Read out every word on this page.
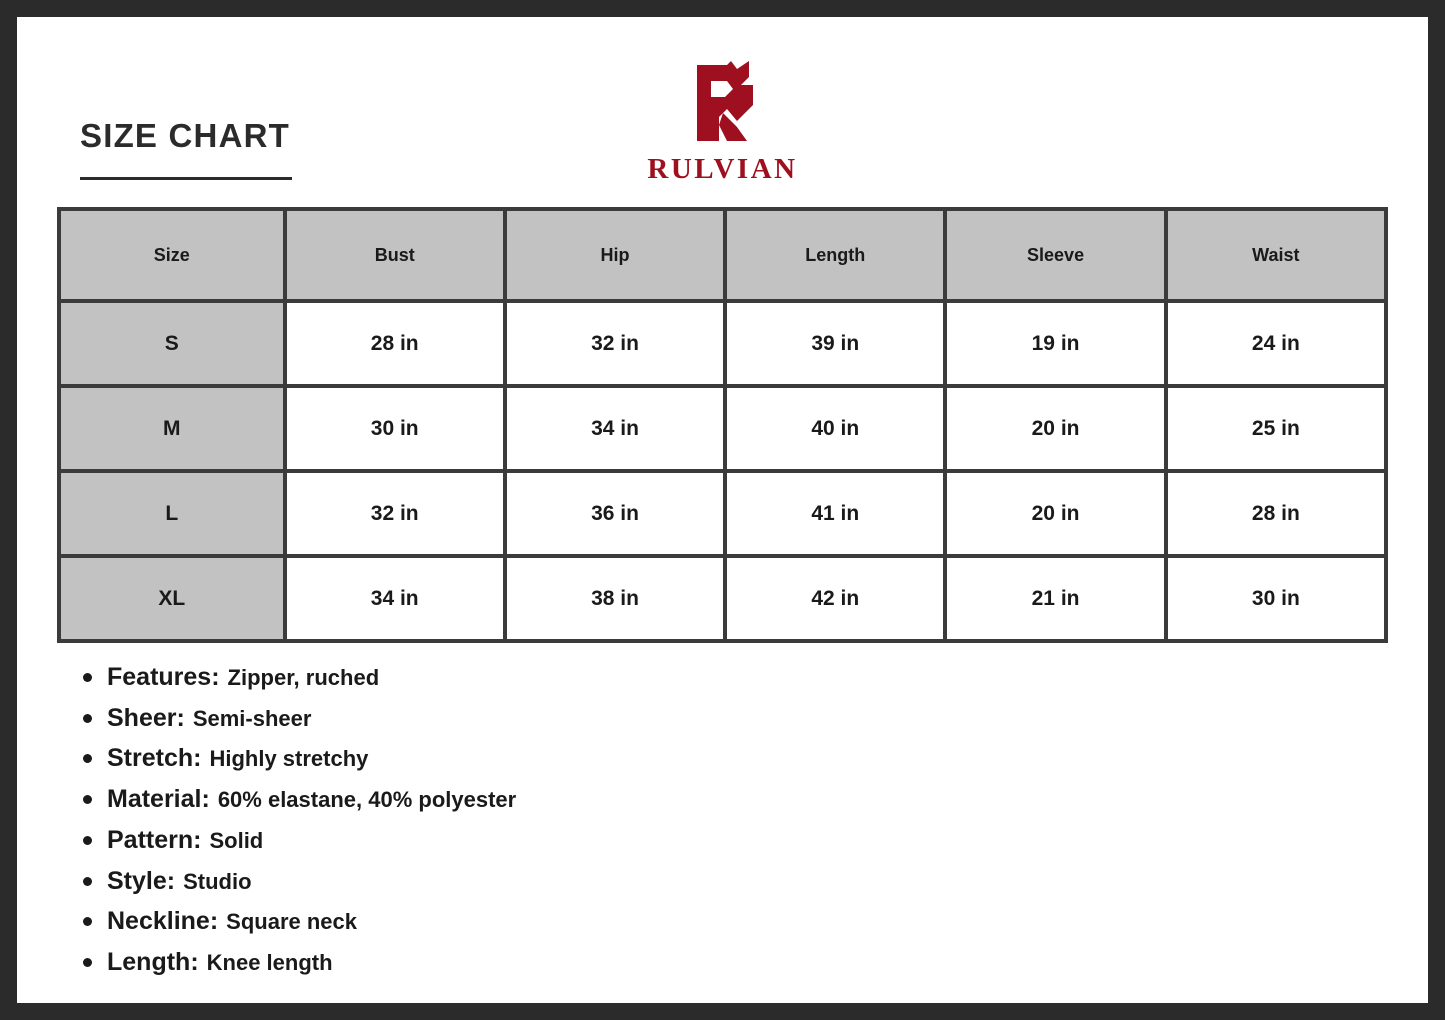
SIZE CHART
RULVIAN
Size	Bust	Hip	Length	Sleeve	Waist
S	28 in	32 in	39 in	19 in	24 in
M	30 in	34 in	40 in	20 in	25 in
L	32 in	36 in	41 in	20 in	28 in
XL	34 in	38 in	42 in	21 in	30 in
Features: Zipper, ruched
Sheer: Semi-sheer
Stretch: Highly stretchy
Material: 60% elastane, 40% polyester
Pattern: Solid
Style: Studio
Neckline: Square neck
Length: Knee length
